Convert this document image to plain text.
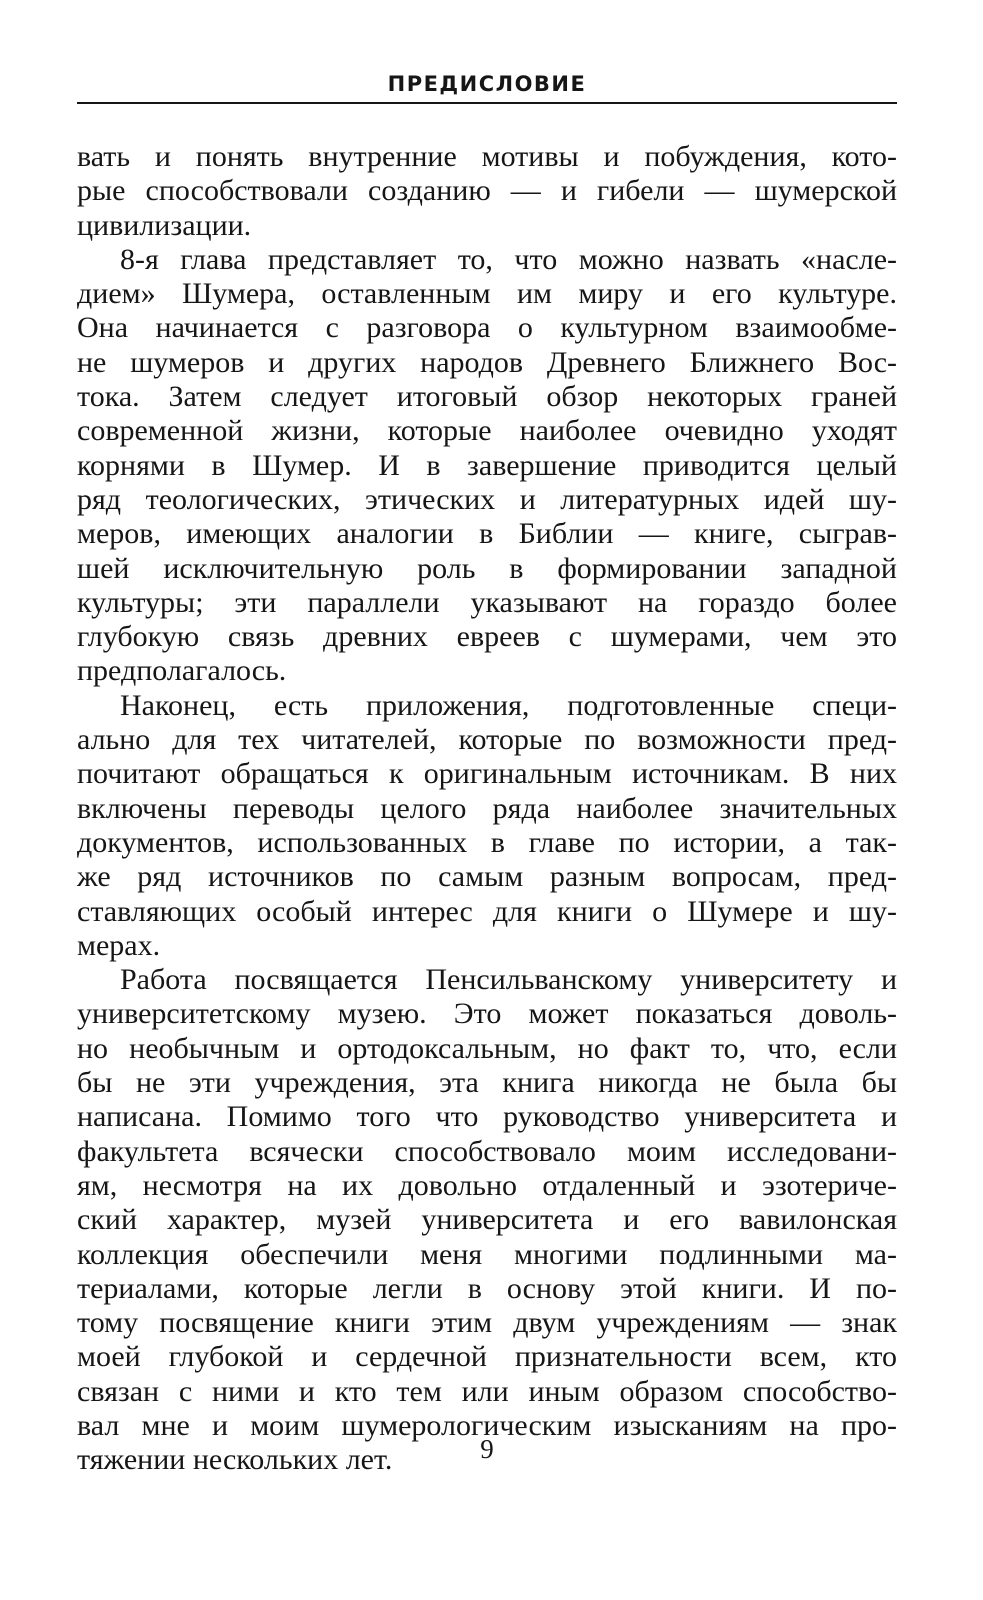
ПРЕДИСЛОВИЕ
вать и понять внутренние мотивы и побуждения, кото-
рые способствовали созданию — и гибели — шумерской
цивилизации.
8-я глава представляет то, что можно назвать «насле-
дием» Шумера, оставленным им миру и его культуре.
Она начинается с разговора о культурном взаимообме-
не шумеров и других народов Древнего Ближнего Вос-
тока. Затем следует итоговый обзор некоторых граней
современной жизни, которые наиболее очевидно уходят
корнями в Шумер. И в завершение приводится целый
ряд теологических, этических и литературных идей шу-
меров, имеющих аналогии в Библии — книге, сыграв-
шей исключительную роль в формировании западной
культуры; эти параллели указывают на гораздо более
глубокую связь древних евреев с шумерами, чем это
предполагалось.
Наконец, есть приложения, подготовленные специ-
ально для тех читателей, которые по возможности пред-
почитают обращаться к оригинальным источникам. В них
включены переводы целого ряда наиболее значительных
документов, использованных в главе по истории, а так-
же ряд источников по самым разным вопросам, пред-
ставляющих особый интерес для книги о Шумере и шу-
мерах.
Работа посвящается Пенсильванскому университету и
университетскому музею. Это может показаться доволь-
но необычным и ортодоксальным, но факт то, что, если
бы не эти учреждения, эта книга никогда не была бы
написана. Помимо того что руководство университета и
факультета всячески способствовало моим исследовани-
ям, несмотря на их довольно отдаленный и эзотериче-
ский характер, музей университета и его вавилонская
коллекция обеспечили меня многими подлинными ма-
териалами, которые легли в основу этой книги. И по-
тому посвящение книги этим двум учреждениям — знак
моей глубокой и сердечной признательности всем, кто
связан с ними и кто тем или иным образом способство-
вал мне и моим шумерологическим изысканиям на про-
тяжении нескольких лет.	9
